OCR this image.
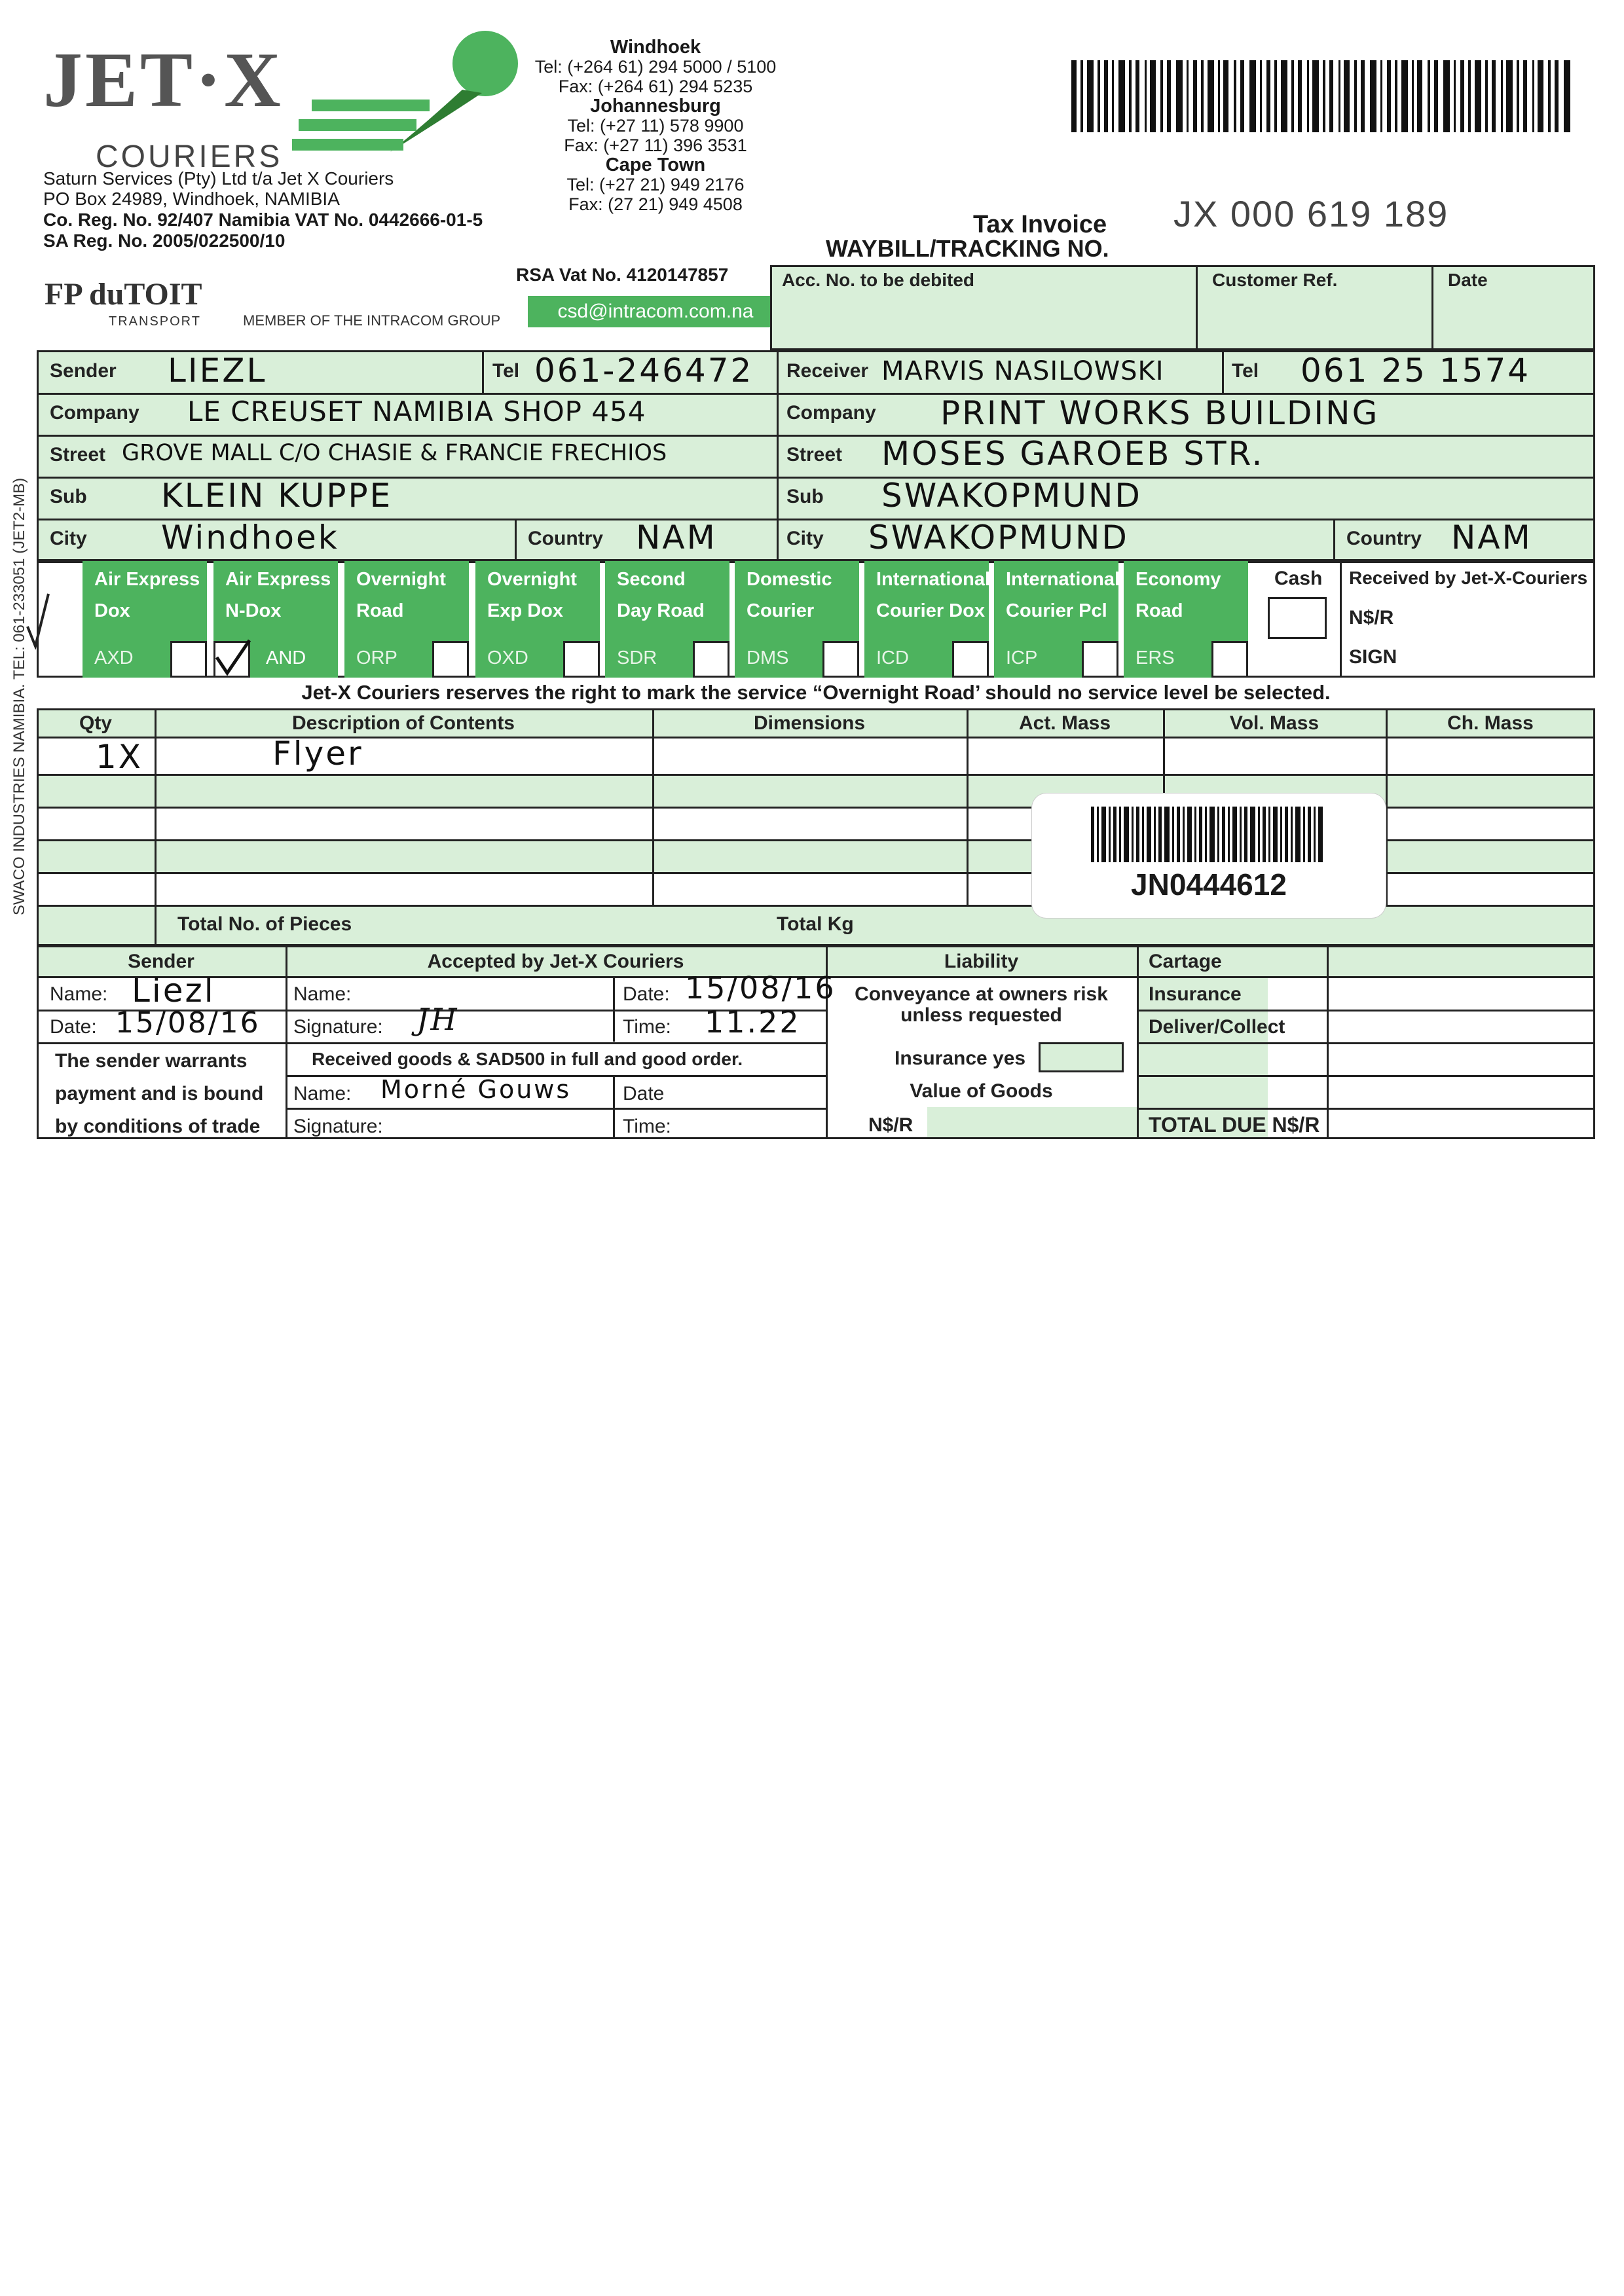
JET·X
COURIERS
Saturn Services (Pty) Ltd t/a Jet X Couriers
PO Box 24989, Windhoek, NAMIBIA
Co. Reg. No. 92/407 Namibia VAT No. 0442666-01-5
SA Reg. No. 2005/022500/10
FP duTOIT
TRANSPORT	MEMBER OF THE INTRACOM GROUP
Windhoek
Tel: (+264 61) 294 5000 / 5100
Fax: (+264 61) 294 5235
Johannesburg
Tel: (+27 11) 578 9900
Fax: (+27 11) 396 3531
Cape Town
Tel: (+27 21) 949 2176
Fax: (27 21) 949 4508
RSA Vat No. 4120147857
csd@intracom.com.na
Tax Invoice
WAYBILL/TRACKING NO.
JX 000 619 189
Acc. No. to be debited	Customer Ref.	Date
Sender LIEZL	Tel 061-246472
Company LE CREUSET NAMIBIA SHOP 454
Street GROVE MALL C/O CHASIE & FRANCIE FRECHIOS
Sub KLEIN KUPPE
City Windhoek	Country NAM
Receiver MARVIS NASILOWSKI	Tel 061 25 1574
Company PRINT WORKS BUILDING
Street MOSES GAROEB STR.
Sub SWAKOPMUND
City SWAKOPMUND	Country NAM
Air Express
Dox
AXD
Air Express
N-Dox
AND
Overnight
Road
ORP
Overnight
Exp Dox
OXD
Second
Day Road
SDR
Domestic
Courier
DMS
International
Courier Dox
ICD
International
Courier Pcl
ICP
Economy
Road
ERS
Cash Received by Jet-X-Couriers
N$/R
SIGN
Jet-X Couriers reserves the right to mark the service “Overnight Road’ should no service level be selected.
Qty	Description of Contents	Dimensions	Act. Mass	Vol. Mass	Ch. Mass
1X	Flyer
Total No. of Pieces	Total Kg
JN0444612
Sender	Accepted by Jet-X Couriers	Liability	Cartage
Name: Liezl
Date: 15/08/16
The sender warrants
payment and is bound
by conditions of trade
Name:
Signature: JH
Date: 15/08/16
Time: 11.22
Received goods & SAD500 in full and good order.
Name: Morné Gouws
Signature:
Date
Time:
Conveyance at owners risk
unless requested
Insurance yes
Value of Goods
N$/R
Insurance
Deliver/Collect
TOTAL DUE N$/R
SWACO INDUSTRIES NAMIBIA. TEL: 061-233051 (JET2-MB)
